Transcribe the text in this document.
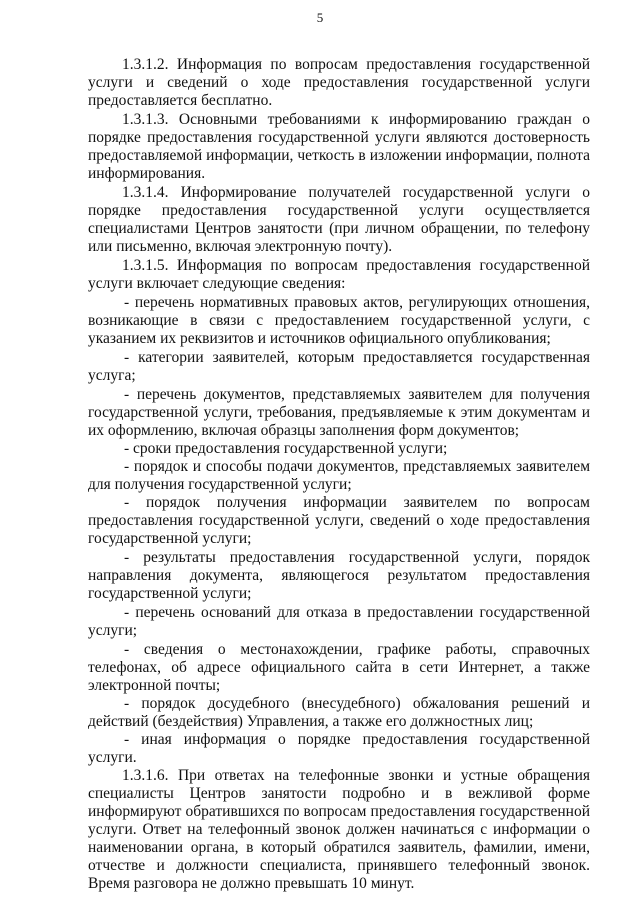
5

1.3.1.2. Информация по вопросам предоставления государственной услуги и сведений о ходе предоставления государственной услуги предоставляется бесплатно.

1.3.1.3. Основными требованиями к информированию граждан о порядке предоставления государственной услуги являются достоверность предоставляемой информации, четкость в изложении информации, полнота информирования.

1.3.1.4. Информирование получателей государственной услуги о порядке предоставления государственной услуги осуществляется специалистами Центров занятости (при личном обращении, по телефону или письменно, включая электронную почту).

1.3.1.5. Информация по вопросам предоставления государственной услуги включает следующие сведения:

- перечень нормативных правовых актов, регулирующих отношения, возникающие в связи с предоставлением государственной услуги, с указанием их реквизитов и источников официального опубликования;

- категории заявителей, которым предоставляется государственная услуга;

- перечень документов, представляемых заявителем для получения государственной услуги, требования, предъявляемые к этим документам и их оформлению, включая образцы заполнения форм документов;

- сроки предоставления государственной услуги;

- порядок и способы подачи документов, представляемых заявителем для получения государственной услуги;

- порядок получения информации заявителем по вопросам предоставления государственной услуги, сведений о ходе предоставления государственной услуги;

- результаты предоставления государственной услуги, порядок направления документа, являющегося результатом предоставления государственной услуги;

- перечень оснований для отказа в предоставлении государственной услуги;

- сведения о местонахождении, графике работы, справочных телефонах, об адресе официального сайта в сети Интернет, а также электронной почты;

- порядок досудебного (внесудебного) обжалования решений и действий (бездействия) Управления, а также его должностных лиц;

- иная информация о порядке предоставления государственной услуги.

1.3.1.6. При ответах на телефонные звонки и устные обращения специалисты Центров занятости подробно и в вежливой форме информируют обратившихся по вопросам предоставления государственной услуги. Ответ на телефонный звонок должен начинаться с информации о наименовании органа, в который обратился заявитель, фамилии, имени, отчестве и должности специалиста, принявшего телефонный звонок. Время разговора не должно превышать 10 минут.
